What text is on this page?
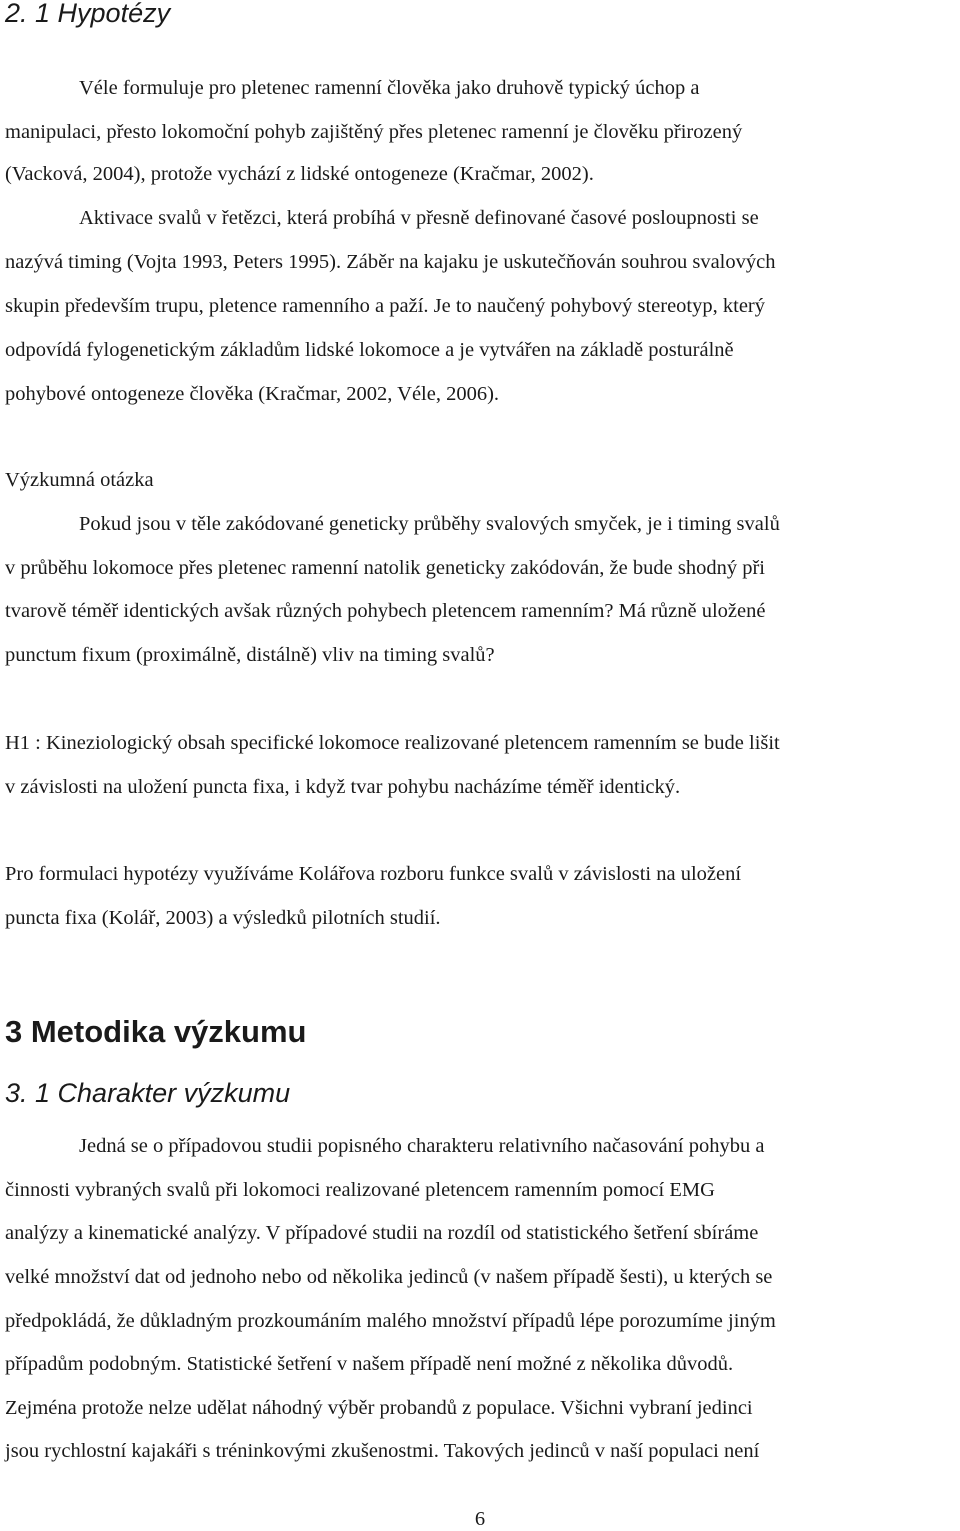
2. 1 Hypotézy
Véle formuluje pro pletenec ramenní člověka jako druhově typický úchop a
manipulaci, přesto lokomoční pohyb zajištěný přes pletenec ramenní je člověku přirozený
(Vacková, 2004), protože vychází z lidské ontogeneze (Kračmar, 2002).
Aktivace svalů v řetězci, která probíhá v přesně definované časové posloupnosti se
nazývá timing (Vojta 1993, Peters 1995). Záběr na kajaku je uskutečňován souhrou svalových
skupin především trupu, pletence ramenního a paží. Je to naučený pohybový stereotyp, který
odpovídá fylogenetickým základům lidské lokomoce a je vytvářen na základě posturálně
pohybové ontogeneze člověka (Kračmar, 2002, Véle, 2006).
Výzkumná otázka
Pokud jsou v těle zakódované geneticky průběhy svalových smyček, je i timing svalů
v průběhu lokomoce přes pletenec ramenní natolik geneticky zakódován, že bude shodný při
tvarově téměř identických avšak různých pohybech pletencem ramenním? Má různě uložené
punctum fixum (proximálně, distálně) vliv na timing svalů?
H1 : Kineziologický obsah specifické lokomoce realizované pletencem ramenním se bude lišit
v závislosti na uložení puncta fixa, i když tvar pohybu nacházíme téměř identický.
Pro formulaci hypotézy využíváme Kolářova rozboru funkce svalů v závislosti na uložení
puncta fixa (Kolář, 2003) a výsledků pilotních studií.
3 Metodika výzkumu
3. 1 Charakter výzkumu
Jedná se o případovou studii popisného charakteru relativního načasování pohybu a
činnosti vybraných svalů při lokomoci realizované pletencem ramenním pomocí EMG
analýzy a kinematické analýzy. V případové studii na rozdíl od statistického šetření sbíráme
velké množství dat od jednoho nebo od několika jedinců (v našem případě šesti), u kterých se
předpokládá, že důkladným prozkoumáním malého množství případů lépe porozumíme jiným
případům podobným. Statistické šetření v našem případě není možné z několika důvodů.
Zejména protože nelze udělat náhodný výběr probandů z populace. Všichni vybraní jedinci
jsou rychlostní kajakáři s tréninkovými zkušenostmi. Takových jedinců v naší populaci není
6
